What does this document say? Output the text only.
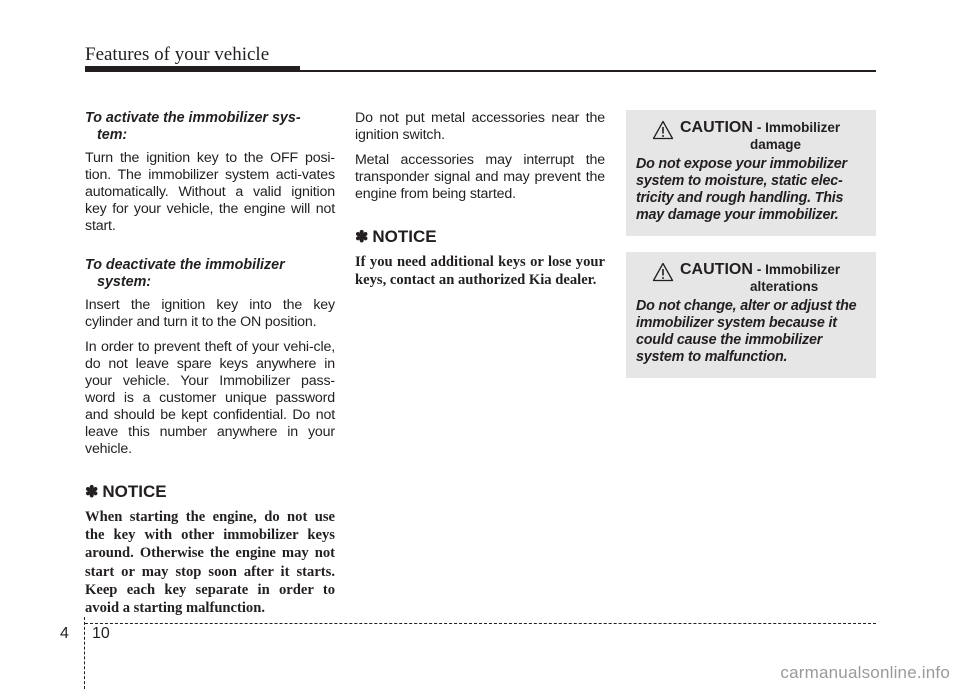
Features of your vehicle

To activate the immobilizer sys-
tem:

Turn the ignition key to the OFF posi-tion. The immobilizer system acti-vates automatically. Without a valid ignition key for your vehicle, the engine will not start.

To deactivate the immobilizer
system:

Insert the ignition key into the key cylinder and turn it to the ON position.

In order to prevent theft of your vehi-cle, do not leave spare keys anywhere in your vehicle. Your Immobilizer pass-word is a customer unique password and should be kept confidential. Do not leave this number anywhere in your vehicle.

✽ NOTICE

When starting the engine, do not use the key with other immobilizer keys around. Otherwise the engine may not start or may stop soon after it starts. Keep each key separate in order to avoid a starting malfunction.

Do not put metal accessories near the ignition switch.

Metal accessories may interrupt the transponder signal and may prevent the engine from being started.

✽ NOTICE

If you need additional keys or lose your keys, contact an authorized Kia dealer.

CAUTION - Immobilizer
damage

Do not expose your immobilizer system to moisture, static elec-tricity and rough handling. This may damage your immobilizer.

CAUTION - Immobilizer
alterations

Do not change, alter or adjust the immobilizer system because it could cause the immobilizer system to malfunction.

4 10
carmanualsonline.info
